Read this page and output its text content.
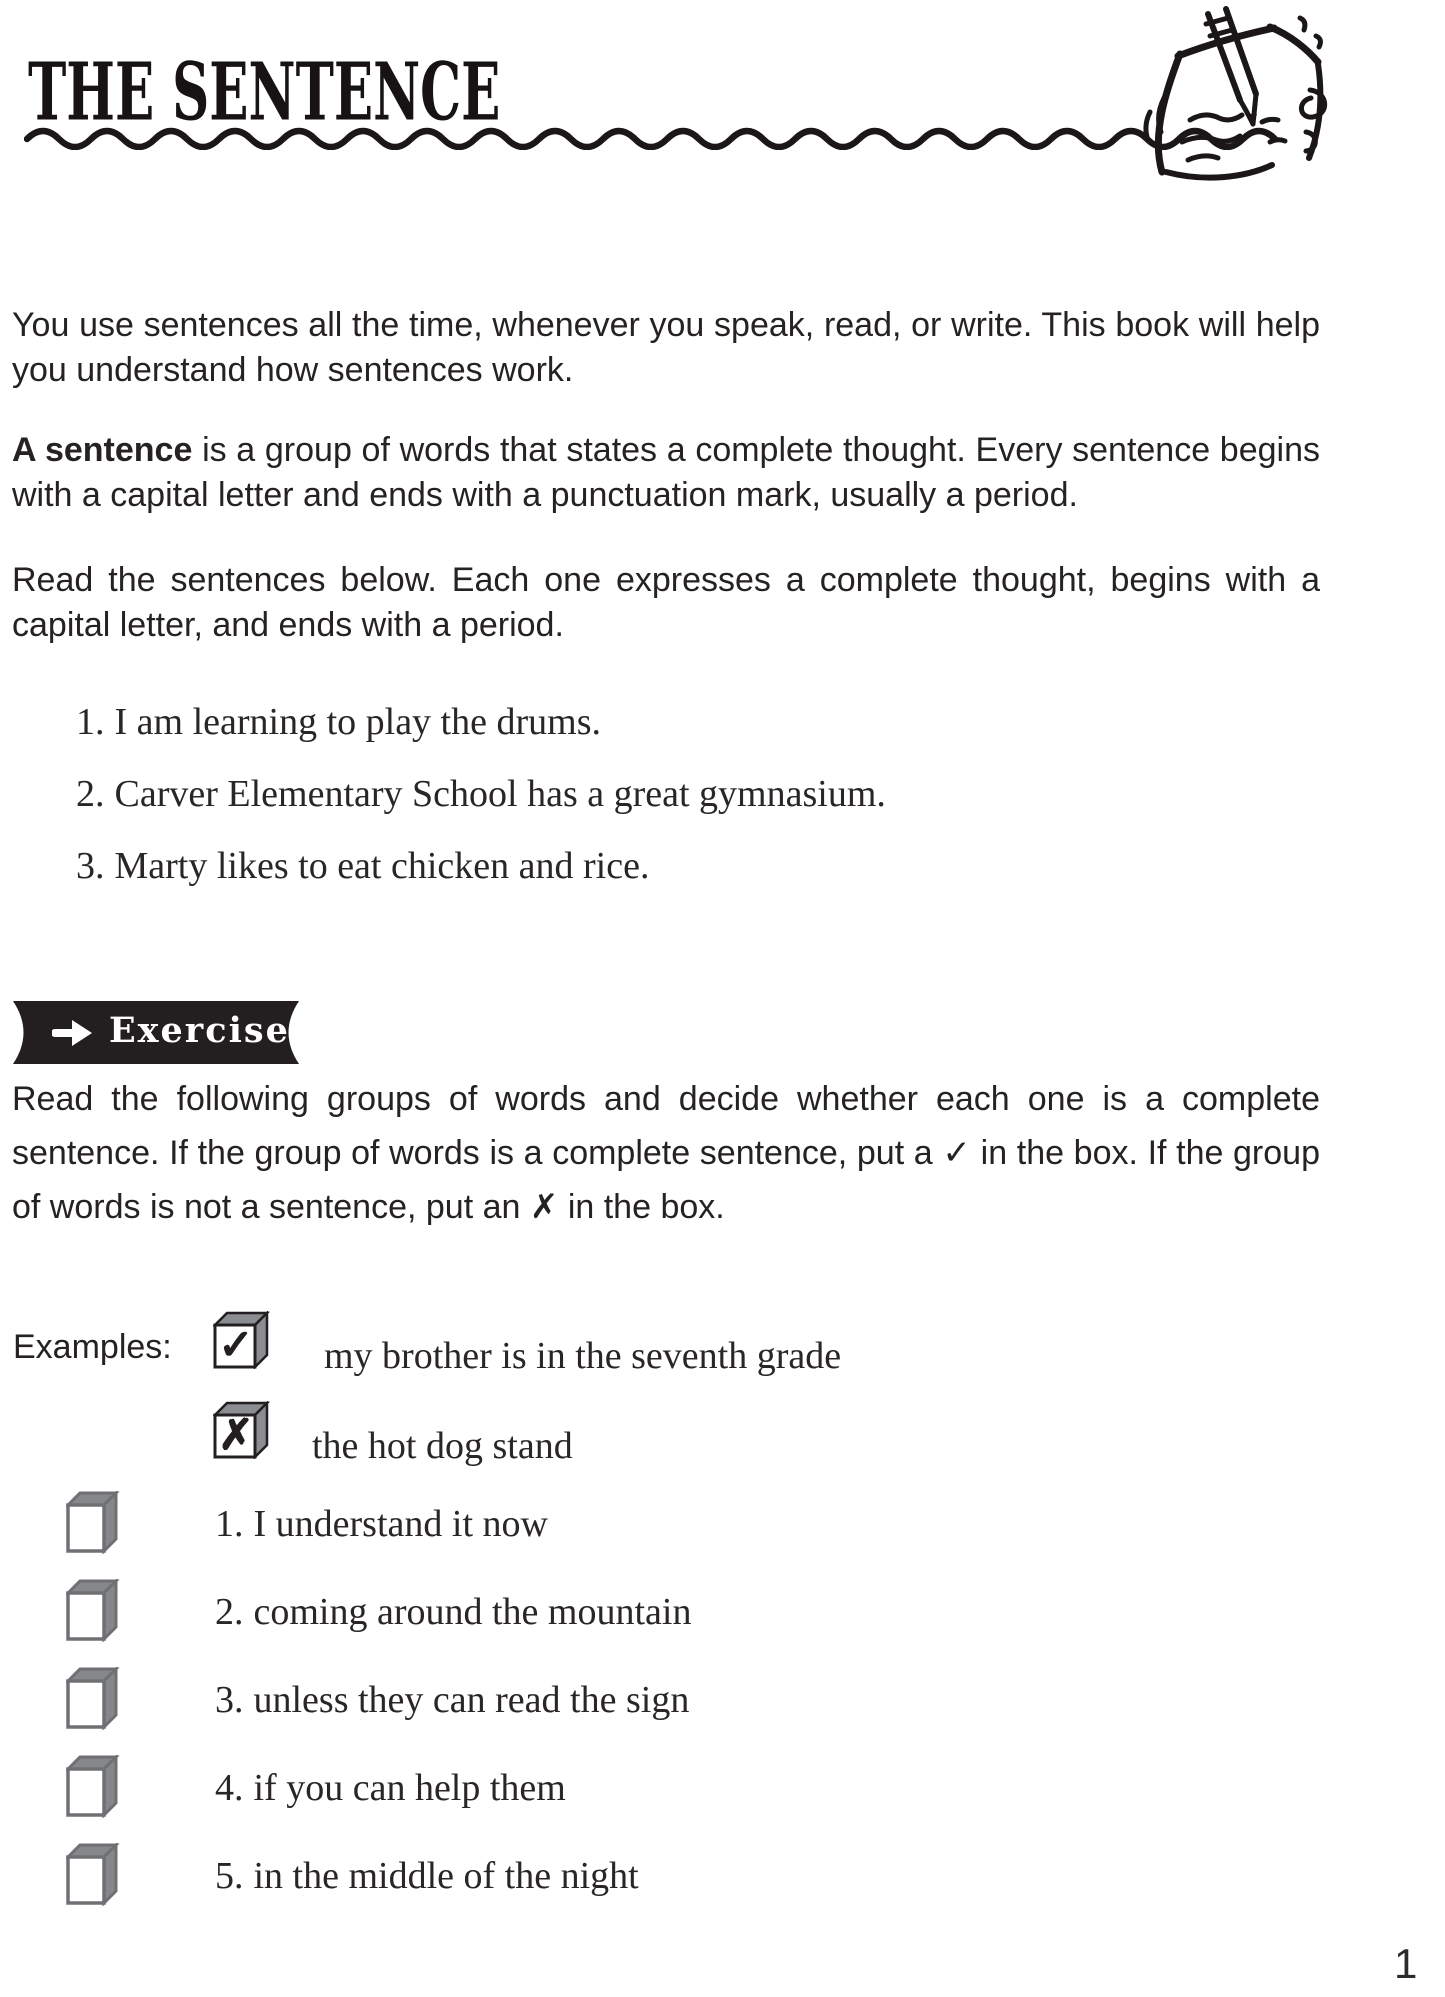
THE SENTENCE
You use sentences all the time, whenever you speak, read, or write. This book will help you understand how sentences work.
A sentence is a group of words that states a complete thought. Every sentence begins with a capital letter and ends with a punctuation mark, usually a period.
Read the sentences below. Each one expresses a complete thought, begins with a capital letter, and ends with a period.
1. I am learning to play the drums.
2. Carver Elementary School has a great gymnasium.
3. Marty likes to eat chicken and rice.
Exercise 1
Read the following groups of words and decide whether each one is a complete sentence. If the group of words is a complete sentence, put a ✓ in the box. If the group of words is not a sentence, put an ✗ in the box.
Examples: ✓ my brother is in the seventh grade
✗ the hot dog stand
1. I understand it now
2. coming around the mountain
3. unless they can read the sign
4. if you can help them
5. in the middle of the night
1
